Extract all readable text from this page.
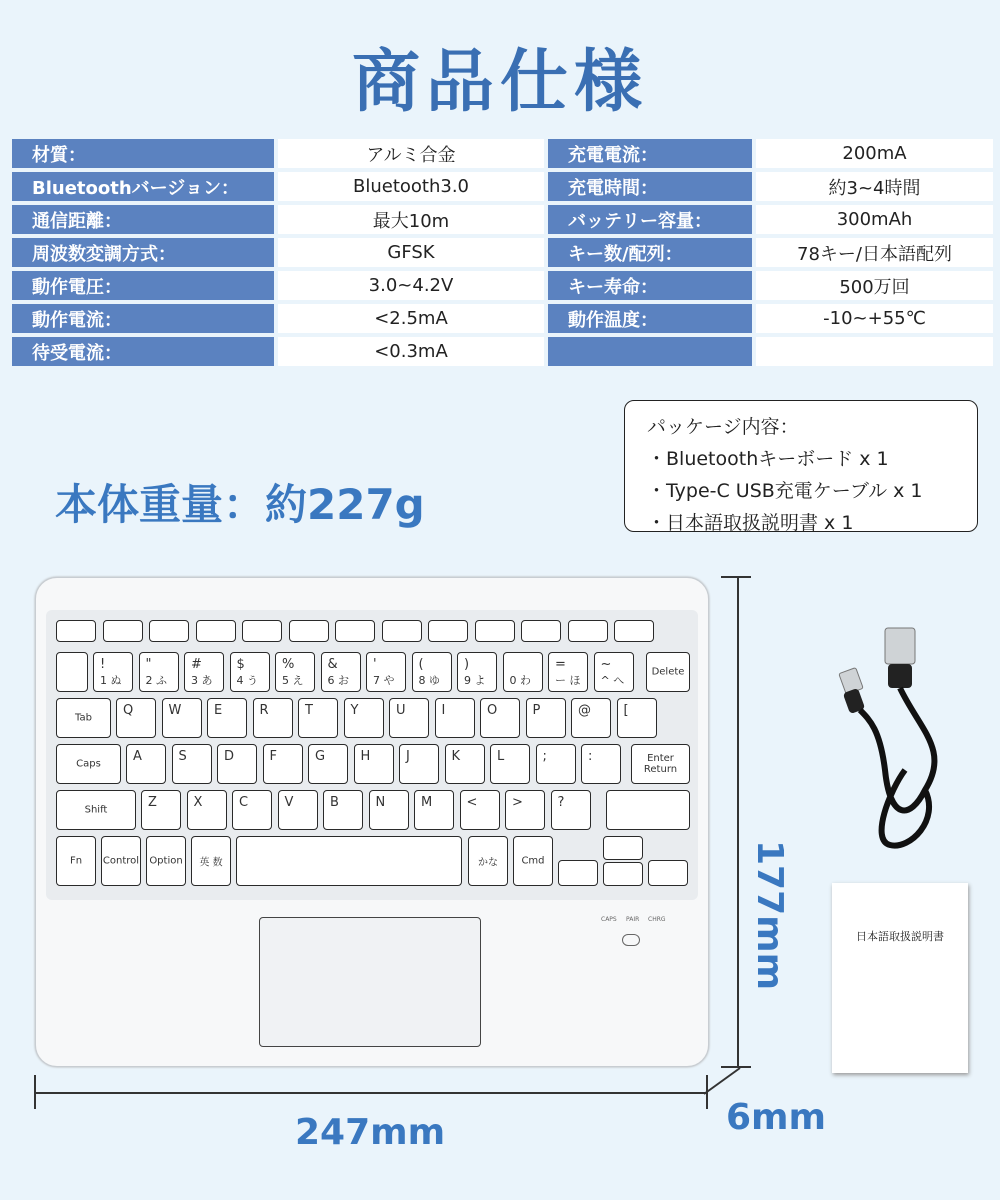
商品仕様
材質：	アルミ合金	充電電流：	200mA
Bluetoothバージョン：	Bluetooth3.0	充電時間：	約3~4時間
通信距離：	最大10m	バッテリー容量：	300mAh
周波数変調方式：	GFSK	キー数/配列：	78キー/日本語配列
動作電圧：	3.0~4.2V	キー寿命：	500万回
動作電流：	<2.5mA	動作温度：	-10~+55℃
待受電流：	<0.3mA		
本体重量：約227g
パッケージ内容：
・Bluetoothキーボード x 1
・Type-C USB充電ケーブル x 1
・日本語取扱説明書 x 1
1 ぬ
!
2 ふ
"
3 あ
#
4 う
$
5 え
%
6 お
&
7 や
'
8 ゆ
(
9 よ
)
0 わ ー ほ
=
^ へ
~	Delete
Tab	Q	W	E	R	T	Y	U	I	O	P	@	[
Caps	A	S	D	F	G	H	J	K	L	;	:	Enter
Return
Shift	Z	X	C	V	B	N	M	<	>	?
Fn	Control Option	英 数	かな	Cmd
CAPS PAIR CHRG
247mm
177mm
6mm
日本語取扱説明書
